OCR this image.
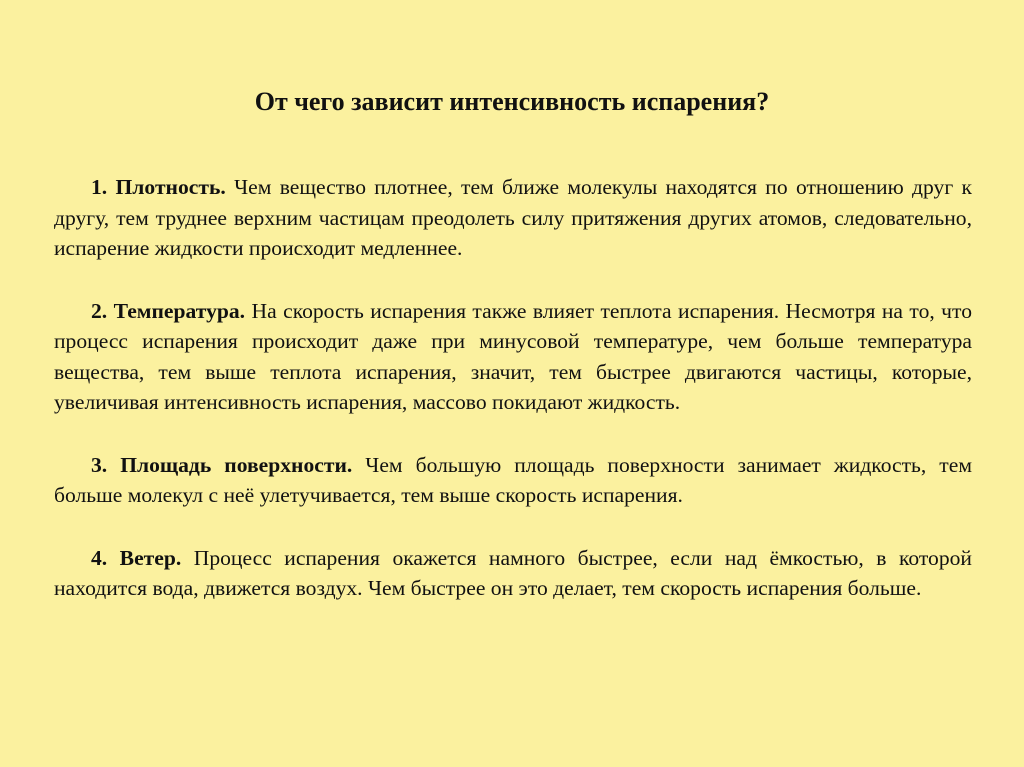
От чего зависит интенсивность испарения?

1. Плотность. Чем вещество плотнее, тем ближе молекулы находятся по отношению друг к другу, тем труднее верхним частицам преодолеть силу притяжения других атомов, следовательно, испарение жидкости происходит медленнее.

2. Температура. На скорость испарения также влияет теплота испарения. Несмотря на то, что процесс испарения происходит даже при минусовой температуре, чем больше температура вещества, тем выше теплота испарения, значит, тем быстрее двигаются частицы, которые, увеличивая интенсивность испарения, массово покидают жидкость.

3. Площадь поверхности. Чем большую площадь поверхности занимает жидкость, тем больше молекул с неё улетучивается, тем выше скорость испарения.

4. Ветер. Процесс испарения окажется намного быстрее, если над ёмкостью, в которой находится вода, движется воздух. Чем быстрее он это делает, тем скорость испарения больше.
